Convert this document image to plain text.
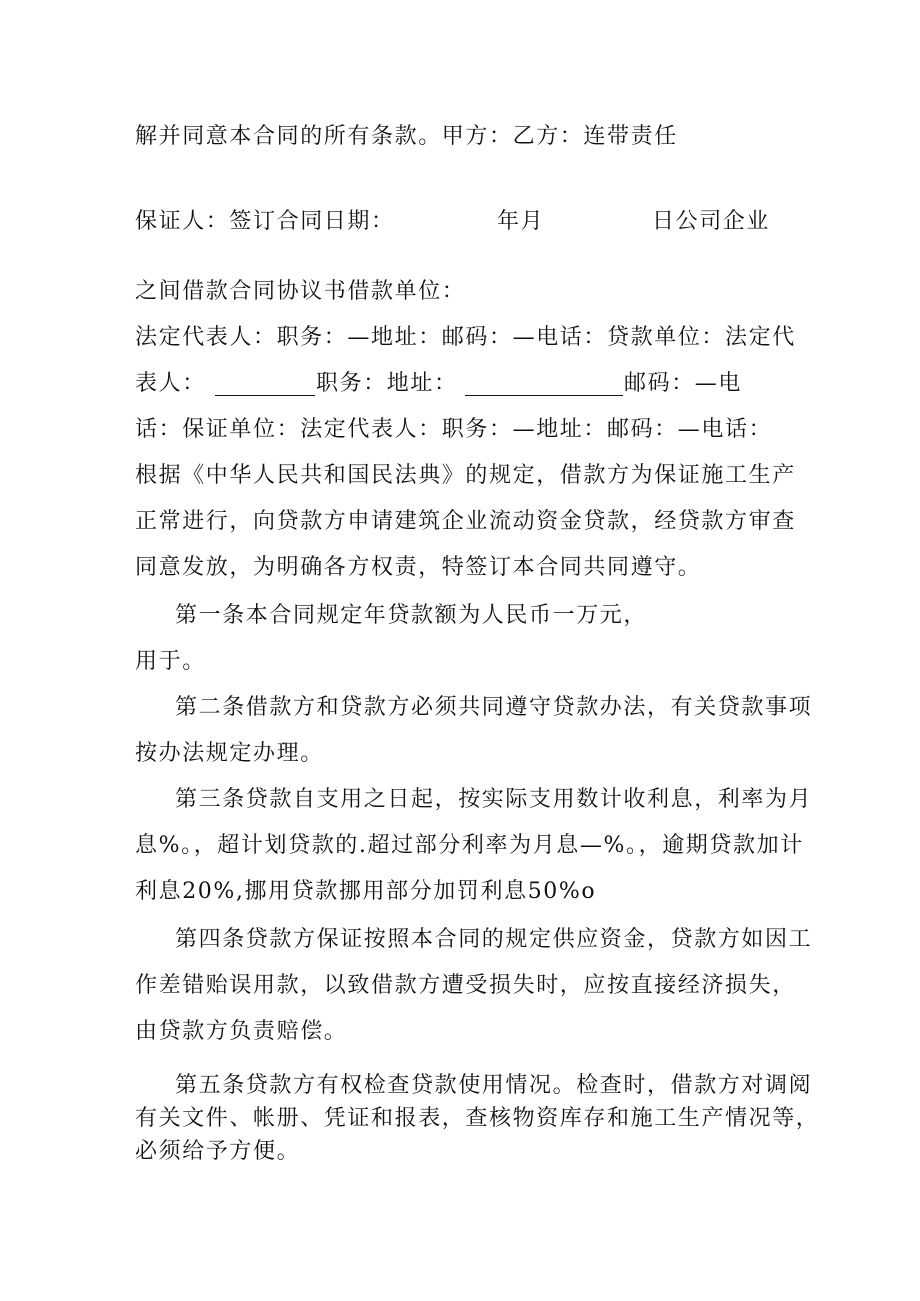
解并同意本合同的所有条款。甲方：乙方：连带责任
保证人：签订合同日期：	年月	日公司企业
之间借款合同协议书借款单位：
法定代表人：职务：—地址：邮码：—电话：贷款单位：法定代
表人：	职务：地址：	邮码：—电
话：保证单位：法定代表人：职务：—地址：邮码：—电话：
根据《中华人民共和国民法典》的规定，借款方为保证施工生产
正常进行，向贷款方申请建筑企业流动资金贷款，经贷款方审查
同意发放，为明确各方权责，特签订本合同共同遵守。
第一条本合同规定年贷款额为人民币一万元，
用于。
第二条借款方和贷款方必须共同遵守贷款办法，有关贷款事项
按办法规定办理。
第三条贷款自支用之日起，按实际支用数计收利息，利率为月
息%。，超计划贷款的.超过部分利率为月息—%。，逾期贷款加计
利息20%,挪用贷款挪用部分加罚利息50%o
第四条贷款方保证按照本合同的规定供应资金，贷款方如因工
作差错贻误用款，以致借款方遭受损失时，应按直接经济损失，
由贷款方负责赔偿。
第五条贷款方有权检查贷款使用情况。检查时，借款方对调阅
有关文件、帐册、凭证和报表，查核物资库存和施工生产情况等，
必须给予方便。
